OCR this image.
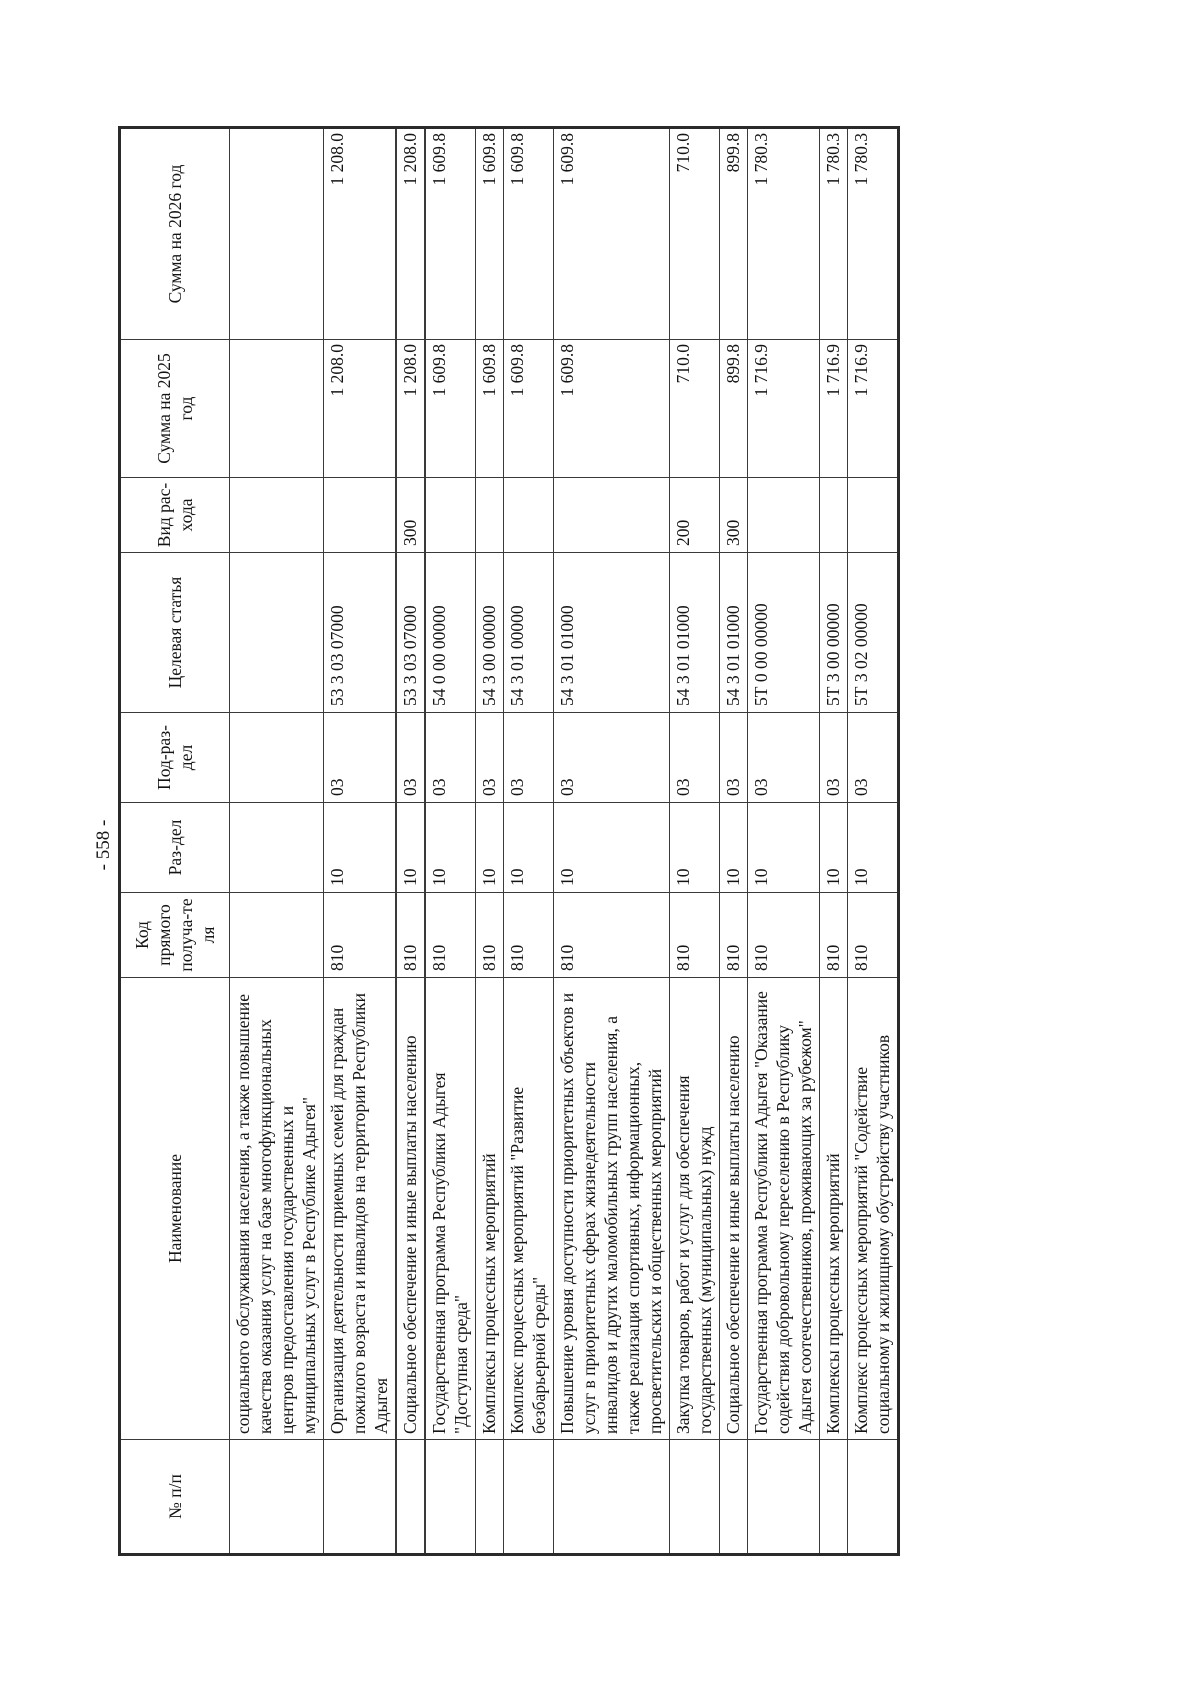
- 558 -
№ п/п	Наименование	Код прямого получа-те ля	Раз-дел	Под-раз-дел	Целевая статья	Вид рас-хода	Сумма на 2025 год	Сумма на 2026 год
	социального обслуживания населения, а также повышение качества оказания услуг на базе многофункциональных центров предоставления государственных и муниципальных услуг в Республике Адыгея"							
	Организация деятельности приемных семей для граждан пожилого возраста и инвалидов на территории Республики Адыгея	810	10	03	53 3 03 07000		1 208.0	1 208.0
	Социальное обеспечение и иные выплаты населению	810	10	03	53 3 03 07000	300	1 208.0	1 208.0
	Государственная программа Республики Адыгея "Доступная среда"	810	10	03	54 0 00 00000		1 609.8	1 609.8
	Комплексы процессных мероприятий	810	10	03	54 3 00 00000		1 609.8	1 609.8
	Комплекс процессных мероприятий "Развитие безбарьерной среды"	810	10	03	54 3 01 00000		1 609.8	1 609.8
	Повышение уровня доступности приоритетных объектов и услуг в приоритетных сферах жизнедеятельности инвалидов и других маломобильных групп населения, а также реализация спортивных, информационных, просветительских и общественных мероприятий	810	10	03	54 3 01 01000		1 609.8	1 609.8
	Закупка товаров, работ и услуг для обеспечения государственных (муниципальных) нужд	810	10	03	54 3 01 01000	200	710.0	710.0
	Социальное обеспечение и иные выплаты населению	810	10	03	54 3 01 01000	300	899.8	899.8
	Государственная программа Республики Адыгея "Оказание содействия добровольному переселению в Республику Адыгея соотечественников, проживающих за рубежом"	810	10	03	5Т 0 00 00000		1 716.9	1 780.3
	Комплексы процессных мероприятий	810	10	03	5Т 3 00 00000		1 716.9	1 780.3
	Комплекс процессных мероприятий "Содействие социальному и жилищному обустройству участников	810	10	03	5Т 3 02 00000		1 716.9	1 780.3
